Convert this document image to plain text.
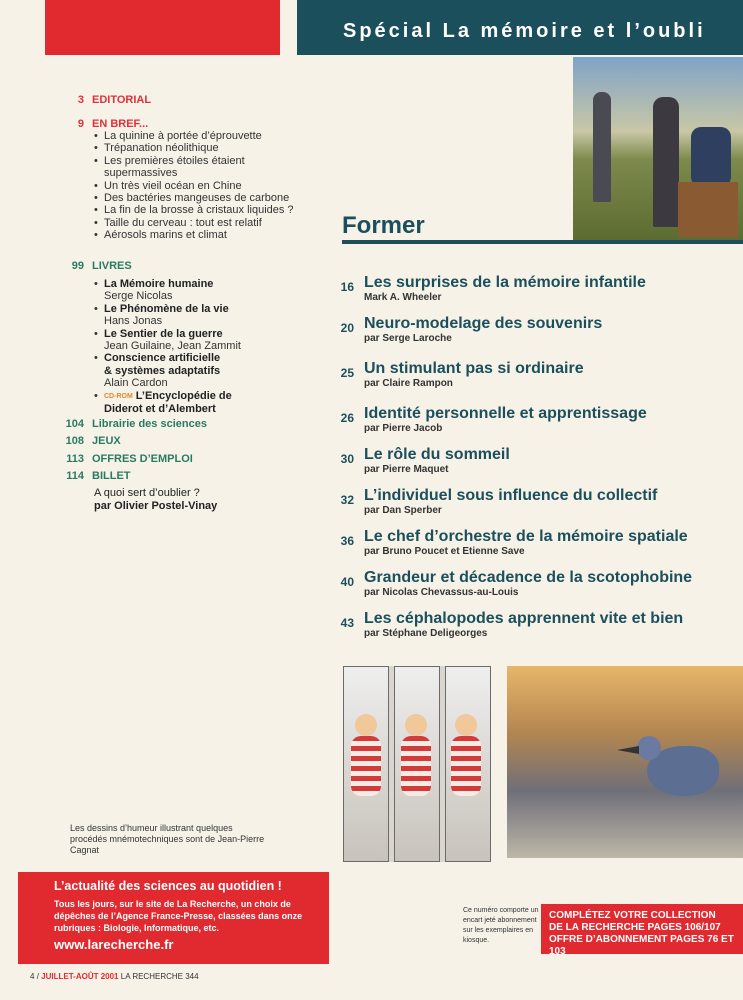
Spécial La mémoire et l’oubli
Former
3 EDITORIAL
9 EN BREF...
• La quinine à portée d’éprouvette
• Trépanation néolithique
• Les premières étoiles étaient supermassives
• Un très vieil océan en Chine
• Des bactéries mangeuses de carbone
• La fin de la brosse à cristaux liquides ?
• Taille du cerveau : tout est relatif
• Aérosols marins et climat
99 LIVRES
• La Mémoire humaine
Serge Nicolas
• Le Phénomène de la vie
Hans Jonas
• Le Sentier de la guerre
Jean Guilaine, Jean Zammit
• Conscience artificielle & systèmes adaptatifs
Alain Cardon
• CD-ROM L’Encyclopédie de Diderot et d’Alembert
104 Librairie des sciences
108 JEUX
113 OFFRES D’EMPLOI
114 BILLET
A quoi sert d’oublier ?
par Olivier Postel-Vinay
16 Les surprises de la mémoire infantile
Mark A. Wheeler
20 Neuro-modelage des souvenirs
par Serge Laroche
25 Un stimulant pas si ordinaire
par Claire Rampon
26 Identité personnelle et apprentissage
par Pierre Jacob
30 Le rôle du sommeil
par Pierre Maquet
32 L’individuel sous influence du collectif
par Dan Sperber
36 Le chef d’orchestre de la mémoire spatiale
par Bruno Poucet et Etienne Save
40 Grandeur et décadence de la scotophobine
par Nicolas Chevassus-au-Louis
43 Les céphalopodes apprennent vite et bien
par Stéphane Deligeorges
Les dessins d’humeur illustrant quelques procédés mnémotechniques sont de Jean-Pierre Cagnat
L’actualité des sciences au quotidien !
Tous les jours, sur le site de La Recherche, un choix de dépêches de l’Agence France-Presse, classées dans onze rubriques : Biologie, Informatique, etc.
www.larecherche.fr
Ce numéro comporte un encart jeté abonnement sur les exemplaires en kiosque.
COMPLÉTEZ VOTRE COLLECTION
DE LA RECHERCHE PAGES 106/107
OFFRE D’ABONNEMENT PAGES 76 ET 103
4 / JUILLET-AOÛT 2001 LA RECHERCHE 344
